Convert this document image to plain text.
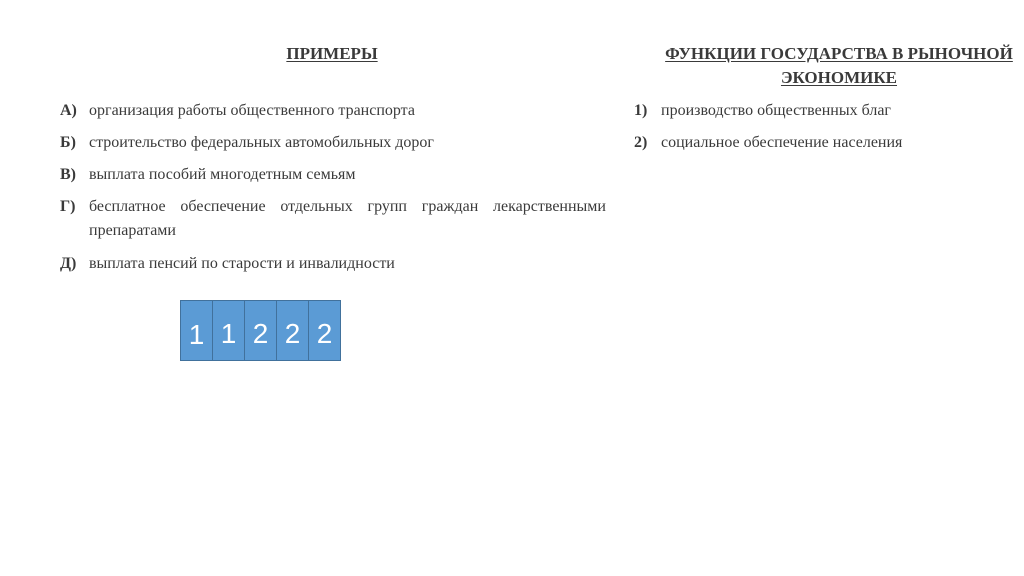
ПРИМЕРЫ	ФУНКЦИИ ГОСУДАРСТВА В РЫНОЧНОЙ ЭКОНОМИКЕ
А) организация работы общественного транспорта
Б) строительство федеральных автомобильных дорог
В) выплата пособий многодетным семьям
Г) бесплатное обеспечение отдельных групп граждан лекарственными препаратами
Д) выплата пенсий по старости и инвалидности
1) производство общественных благ
2) социальное обеспечение населения
1 1 2 2 2
